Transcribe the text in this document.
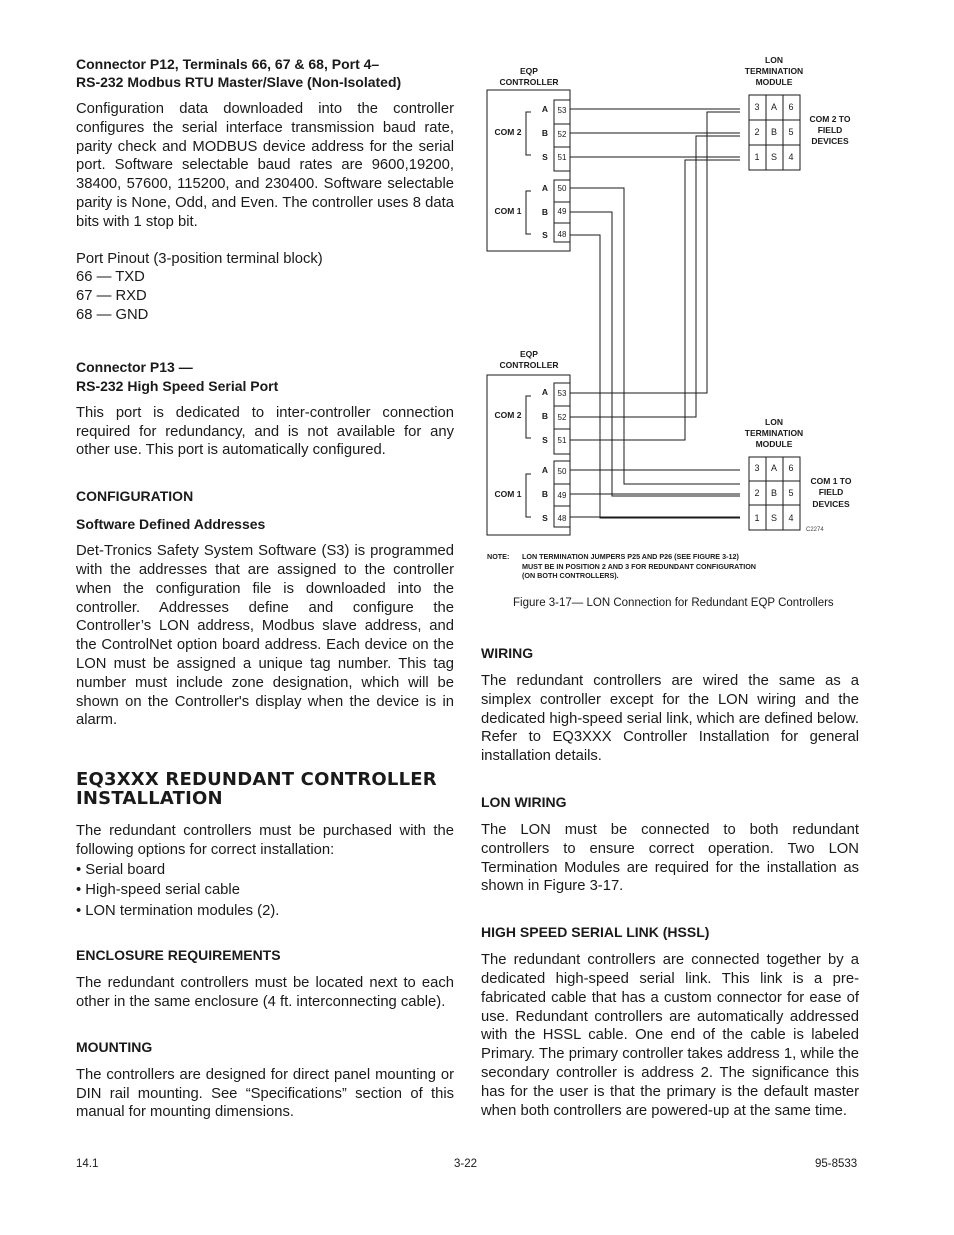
Connector P12, Terminals 66, 67 & 68, Port 4–

RS-232 Modbus RTU Master/Slave (Non-Isolated)

Configuration data downloaded into the controller configures the serial interface transmission baud rate, parity check and MODBUS device address for the serial port. Software selectable baud rates are 9600,19200, 38400, 57600, 115200, and 230400. Software selectable parity is None, Odd, and Even. The controller uses 8 data bits with 1 stop bit.

Port Pinout (3-position terminal block)

66 — TXD

67 — RXD

68 — GND

Connector P13 —

RS-232 High Speed Serial Port

This port is dedicated to inter-controller connection required for redundancy, and is not available for any other use. This port is automatically configured.

CONFIGURATION

Software Defined Addresses

Det-Tronics Safety System Software (S3) is programmed with the addresses that are assigned to the controller when the configuration file is downloaded into the controller. Addresses define and configure the Controller’s LON address, Modbus slave address, and the ControlNet option board address. Each device on the LON must be assigned a unique tag number. This tag number must include zone designation, which will be shown on the Controller's display when the device is in alarm.

EQ3XXX REDUNDANT CONTROLLER

INSTALLATION

The redundant controllers must be purchased with the following options for correct installation:

• Serial board

• High-speed serial cable

• LON termination modules (2).

ENCLOSURE REQUIREMENTS

The redundant controllers must be located next to each other in the same enclosure (4 ft. interconnecting cable).

MOUNTING

The controllers are designed for direct panel mounting or DIN rail mounting. See “Specifications” section of this manual for mounting dimensions.

EQP
CONTROLLER
EQP
CONTROLLER
COM 2
COM 1
COM 2
COM 1
A
B
S
A
B
S
A
B
S
A
B
S
53
52
51
50
49
48
53
52
51
50
49
48
LON
TERMINATION
MODULE
LON
TERMINATION
MODULE
COM 2 TO
FIELD
DEVICES
COM 1 TO
FIELD
DEVICES
3 A 6
2 B 5
1 S 4
3 A 6
2 B 5
1 S 4
C2274
NOTE: LON TERMINATION JUMPERS P25 AND P26 (SEE FIGURE 3-12)
MUST BE IN POSITION 2 AND 3 FOR REDUNDANT CONFIGURATION
(ON BOTH CONTROLLERS).
Figure 3-17— LON Connection for Redundant EQP Controllers

WIRING

The redundant controllers are wired the same as a simplex controller except for the LON wiring and the dedicated high-speed serial link, which are defined below. Refer to EQ3XXX Controller Installation for general installation details.

LON WIRING

The LON must be connected to both redundant controllers to ensure correct operation. Two LON Termination Modules are required for the installation as shown in Figure 3-17.

HIGH SPEED SERIAL LINK (HSSL)

The redundant controllers are connected together by a dedicated high-speed serial link. This link is a pre-fabricated cable that has a custom connector for ease of use. Redundant controllers are automatically addressed with the HSSL cable. One end of the cable is labeled Primary. The primary controller takes address 1, while the secondary controller is address 2. The significance this has for the user is that the primary is the default master when both controllers are powered-up at the same time.

14.1	3-22	95-8533
